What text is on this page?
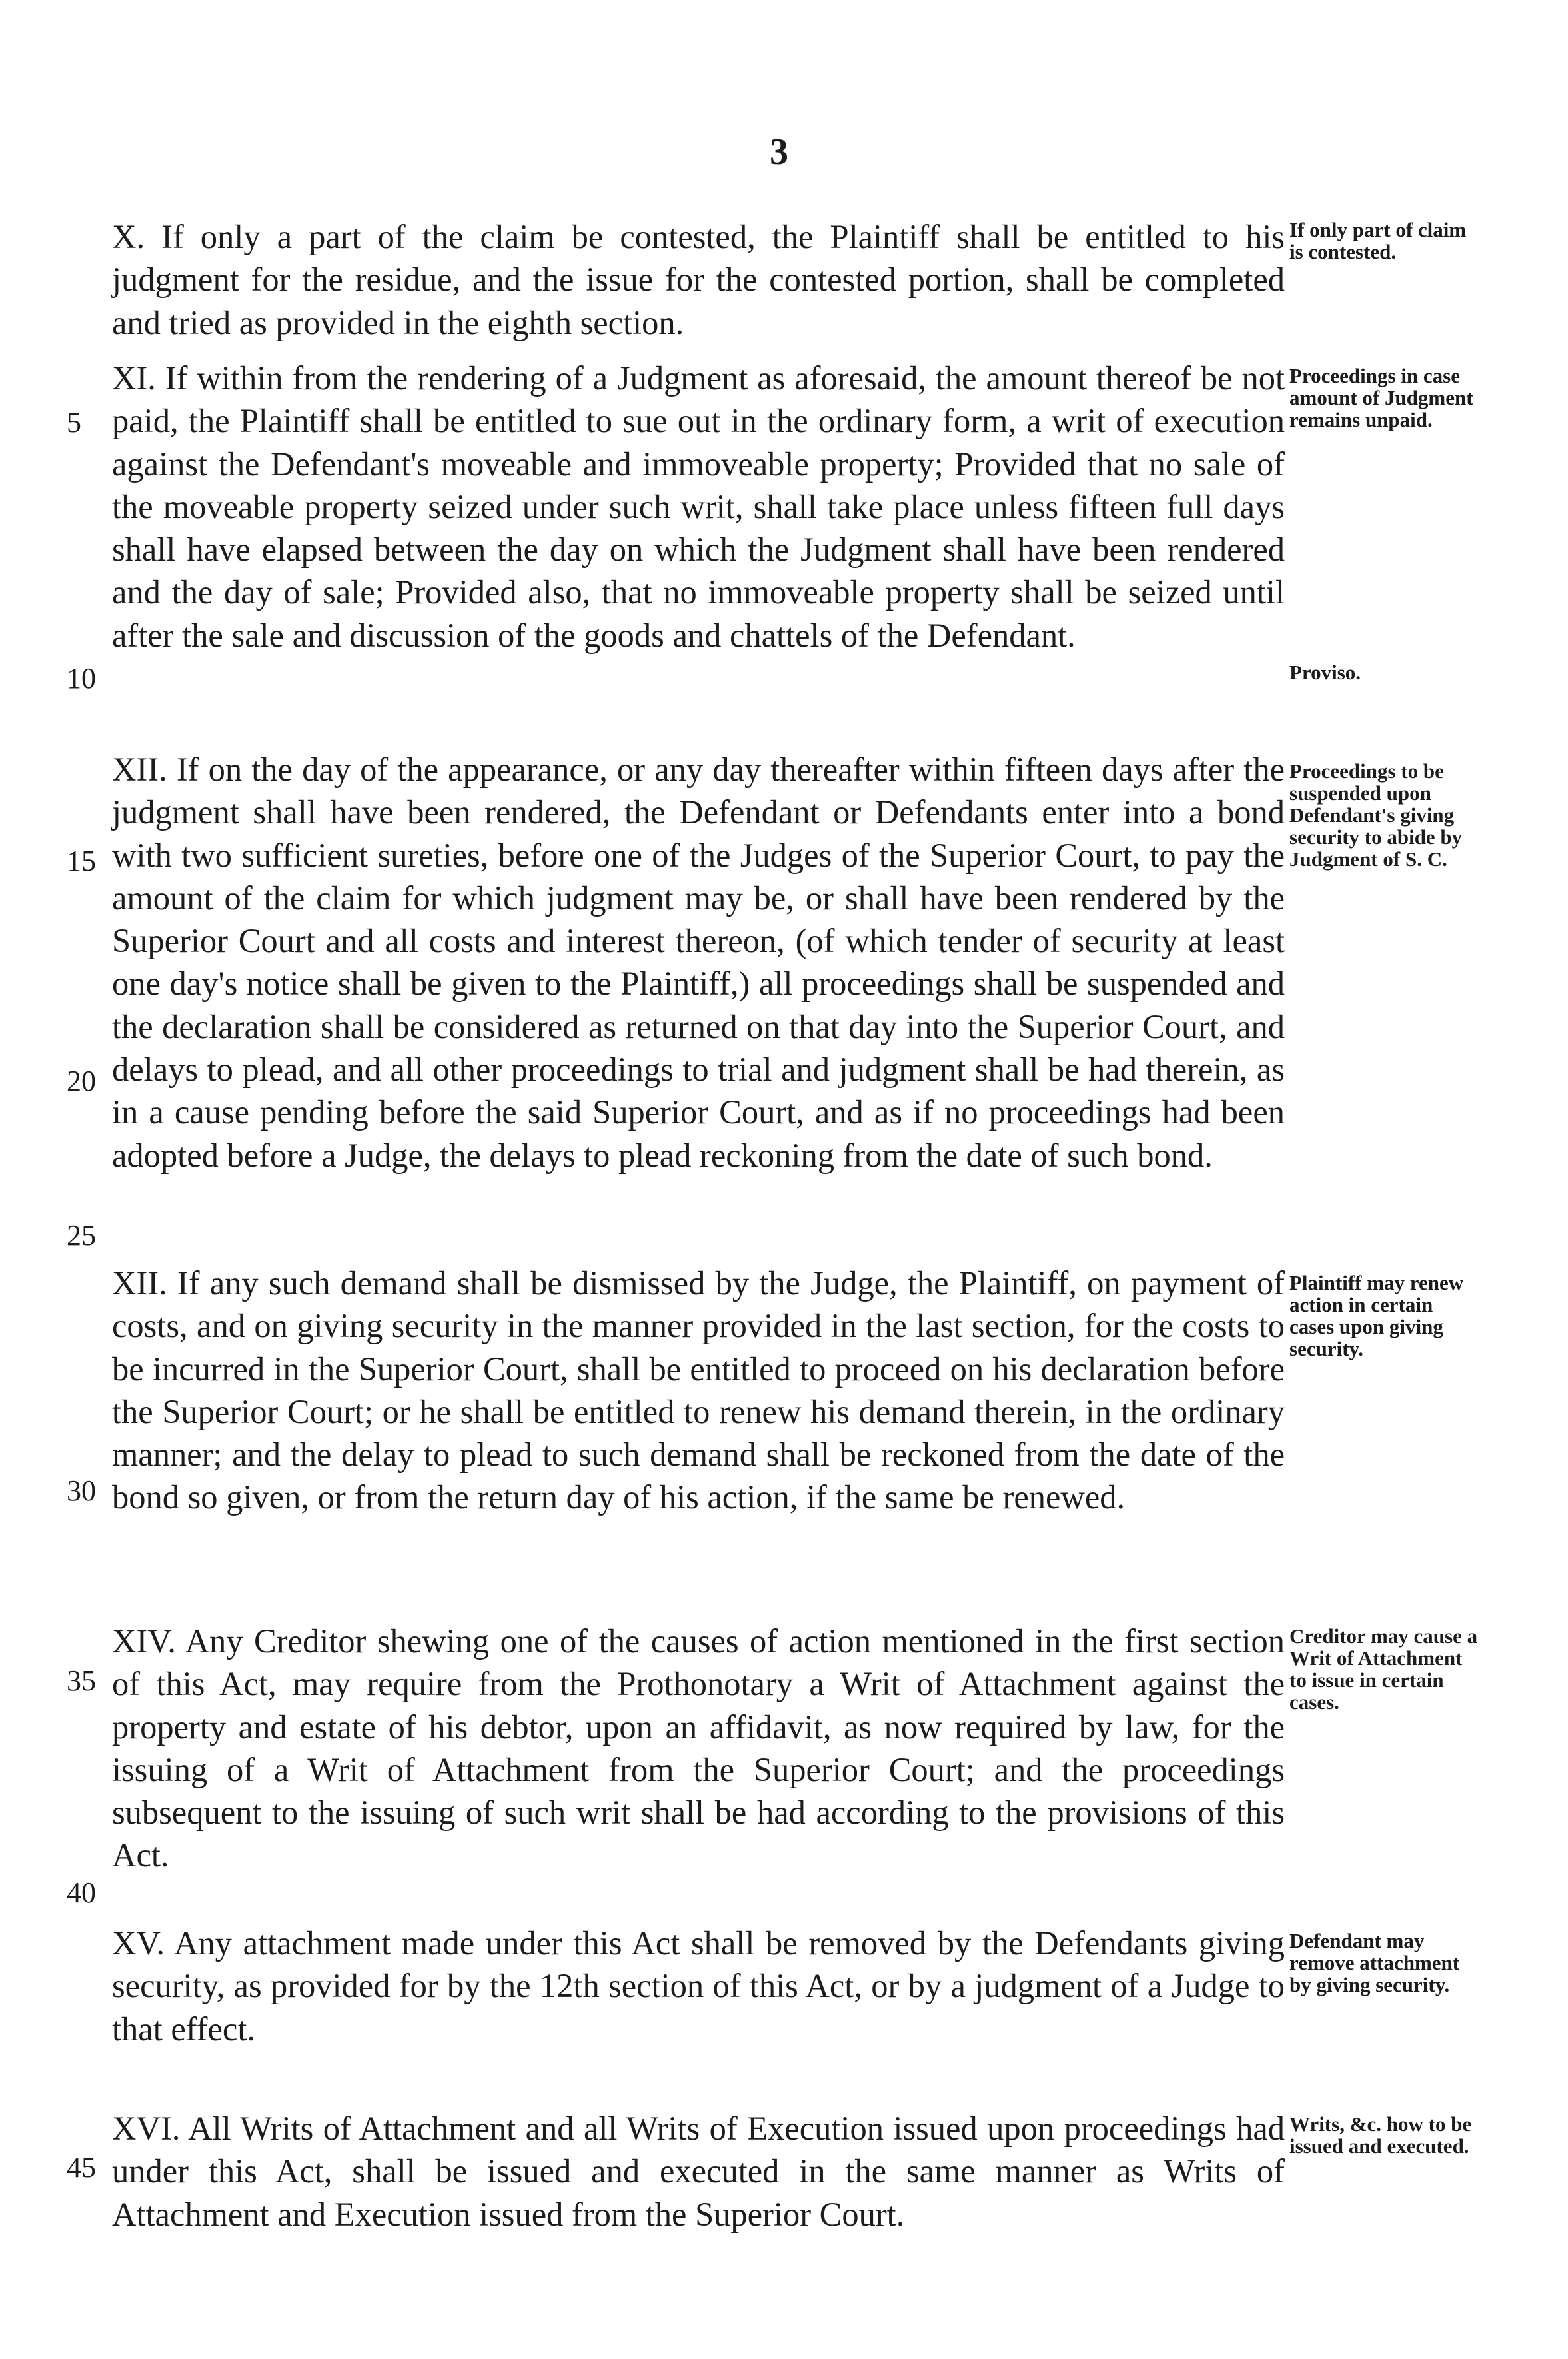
3

X. If only a part of the claim be contested, the Plaintiff shall be entitled to his judgment for the residue, and the issue for the contested portion, shall be completed and tried as provided in the eighth section.

If only part of claim is contested.

XI. If within from the rendering of a Judgment as aforesaid, the amount thereof be not paid, the Plaintiff shall be entitled to sue out in the ordinary form, a writ of execution against the Defendant's moveable and immoveable property; Provided that no sale of the moveable property seized under such writ, shall take place unless fifteen full days shall have elapsed between the day on which the Judgment shall have been rendered and the day of sale; Provided also, that no immoveable property shall be seized until after the sale and discussion of the goods and chattels of the Defendant.

Proceedings in case amount of Judgment remains unpaid.

Proviso.

XII. If on the day of the appearance, or any day thereafter within fifteen days after the judgment shall have been rendered, the Defendant or Defendants enter into a bond with two sufficient sureties, before one of the Judges of the Superior Court, to pay the amount of the claim for which judgment may be, or shall have been rendered by the Superior Court and all costs and interest thereon, (of which tender of security at least one day's notice shall be given to the Plaintiff,) all proceedings shall be suspended and the declaration shall be considered as returned on that day into the Superior Court, and delays to plead, and all other proceedings to trial and judgment shall be had therein, as in a cause pending before the said Superior Court, and as if no proceedings had been adopted before a Judge, the delays to plead reckoning from the date of such bond.

Proceedings to be suspended upon Defendant's giving security to abide by Judgment of S. C.

XII. If any such demand shall be dismissed by the Judge, the Plaintiff, on payment of costs, and on giving security in the manner provided in the last section, for the costs to be incurred in the Superior Court, shall be entitled to proceed on his declaration before the Superior Court; or he shall be entitled to renew his demand therein, in the ordinary manner; and the delay to plead to such demand shall be reckoned from the date of the bond so given, or from the return day of his action, if the same be renewed.

Plaintiff may renew action in certain cases upon giving security.

XIV. Any Creditor shewing one of the causes of action mentioned in the first section of this Act, may require from the Prothonotary a Writ of Attachment against the property and estate of his debtor, upon an affidavit, as now required by law, for the issuing of a Writ of Attachment from the Superior Court; and the proceedings subsequent to the issuing of such writ shall be had according to the provisions of this Act.

Creditor may cause a Writ of Attachment to issue in certain cases.

XV. Any attachment made under this Act shall be removed by the Defendants giving security, as provided for by the 12th section of this Act, or by a judgment of a Judge to that effect.

Defendant may remove attachment by giving security.

XVI. All Writs of Attachment and all Writs of Execution issued upon proceedings had under this Act, shall be issued and executed in the same manner as Writs of Attachment and Execution issued from the Superior Court.

Writs, &c. how to be issued and executed.

5
10
15
20
25
30
35
40
45
